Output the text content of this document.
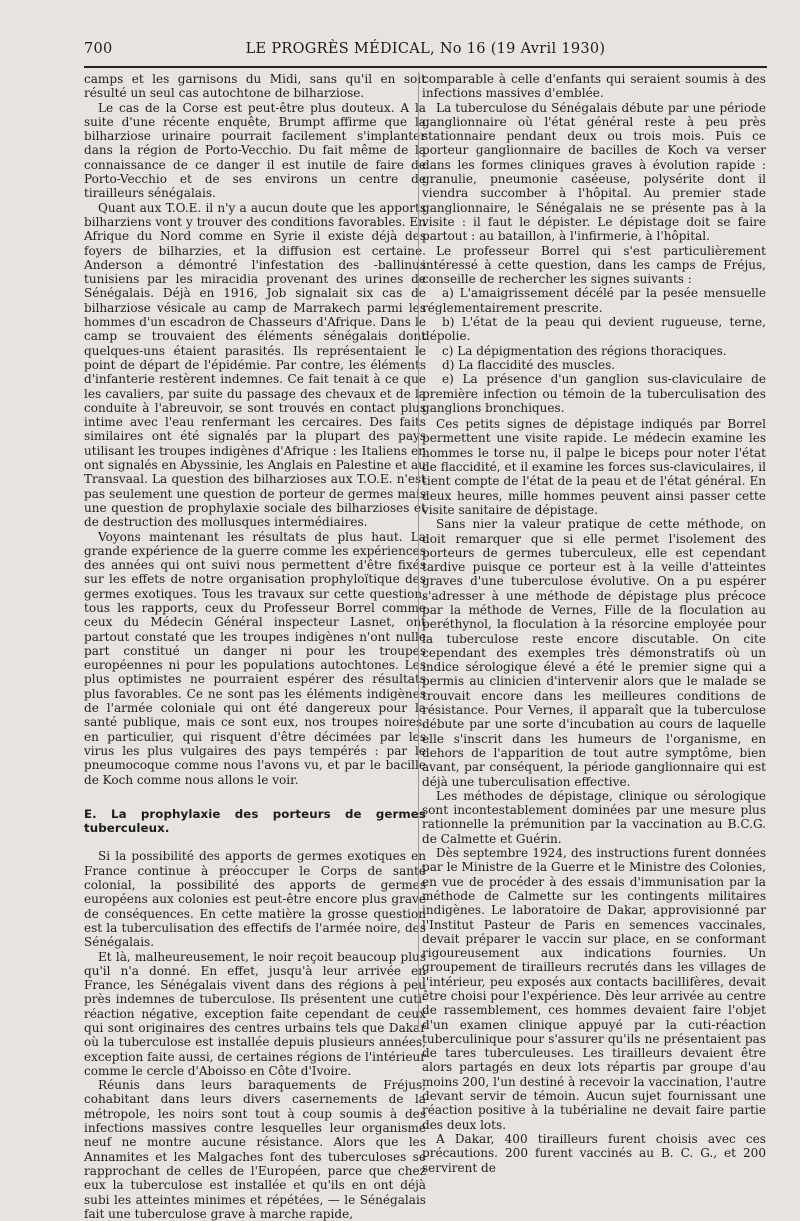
700	LE PROGRÈS MÉDICAL, No 16 (19 Avril 1930)

camps et les garnisons du Midi, sans qu'il en soit résulté un seul cas autochtone de bilharziose.

Le cas de la Corse est peut-être plus douteux. A la suite d'une récente enquête, Brumpt affirme que la bilharziose urinaire pourrait facilement s'implanter dans la région de Porto-Vecchio. Du fait même de la connaissance de ce danger il est inutile de faire de Porto-Vecchio et de ses environs un centre de tirailleurs sénégalais.

Quant aux T.O.E. il n'y a aucun doute que les apports bilharziens vont y trouver des conditions favorables. En Afrique du Nord comme en Syrie il existe déjà des foyers de bilharzies, et la diffusion est certaine. Anderson a démontré l'infestation des -ballinus tunisiens par les miracidia provenant des urines de Sénégalais. Déjà en 1916, Job signalait six cas de bilharziose vésicale au camp de Marrakech parmi les hommes d'un escadron de Chasseurs d'Afrique. Dans le camp se trouvaient des éléments sénégalais dont quelques-uns étaient parasités. Ils représentaient le point de départ de l'épidémie. Par contre, les éléments d'infanterie restèrent indemnes. Ce fait tenait à ce que les cavaliers, par suite du passage des chevaux et de la conduite à l'abreuvoir, se sont trouvés en contact plus intime avec l'eau renfermant les cercaires. Des faits similaires ont été signalés par la plupart des pays utilisant les troupes indigènes d'Afrique : les Italiens en ont signalés en Abyssinie, les Anglais en Palestine et au Transvaal. La question des bilharzioses aux T.O.E. n'est pas seulement une question de porteur de germes mais une question de prophylaxie sociale des bilharzioses et de destruction des mollusques intermédiaires.

Voyons maintenant les résultats de plus haut. La grande expérience de la guerre comme les expériences des années qui ont suivi nous permettent d'être fixés sur les effets de notre organisation prophyloïtique des germes exotiques. Tous les travaux sur cette question, tous les rapports, ceux du Professeur Borrel comme ceux du Médecin Général inspecteur Lasnet, ont partout constaté que les troupes indigènes n'ont nulle part constitué un danger ni pour les troupes européennes ni pour les populations autochtones. Les plus optimistes ne pourraient espérer des résultats plus favorables. Ce ne sont pas les éléments indigènes de l'armée coloniale qui ont été dangereux pour la santé publique, mais ce sont eux, nos troupes noires, en particulier, qui risquent d'être décimées par les virus les plus vulgaires des pays tempérés : par le pneumocoque comme nous l'avons vu, et par le bacille de Koch comme nous allons le voir.

E. La prophylaxie des porteurs de germes tuberculeux.

Si la possibilité des apports de germes exotiques en France continue à préoccuper le Corps de santé colonial, la possibilité des apports de germes européens aux colonies est peut-être encore plus grave de conséquences. En cette matière la grosse question est la tuberculisation des effectifs de l'armée noire, des Sénégalais.

Et là, malheureusement, le noir reçoit beaucoup plus qu'il n'a donné. En effet, jusqu'à leur arrivée en France, les Sénégalais vivent dans des régions à peu près indemnes de tuberculose. Ils présentent une cuti-réaction négative, exception faite cependant de ceux qui sont originaires des centres urbains tels que Dakar où la tuberculose est installée depuis plusieurs années, exception faite aussi, de certaines régions de l'intérieur comme le cercle d'Aboisso en Côte d'Ivoire.

Réunis dans leurs baraquements de Fréjus, cohabitant dans leurs divers casernements de la métropole, les noirs sont tout à coup soumis à des infections massives contre lesquelles leur organisme neuf ne montre aucune résistance. Alors que les Annamites et les Malgaches font des tuberculoses se rapprochant de celles de l'Européen, parce que chez eux la tuberculose est installée et qu'ils en ont déjà subi les atteintes minimes et répétées, — le Sénégalais fait une tuberculose grave à marche rapide,

comparable à celle d'enfants qui seraient soumis à des infections massives d'emblée.

La tuberculose du Sénégalais débute par une période ganglionnaire où l'état général reste à peu près stationnaire pendant deux ou trois mois. Puis ce porteur ganglionnaire de bacilles de Koch va verser dans les formes cliniques graves à évolution rapide : granulie, pneumonie caséeuse, polysérite dont il viendra succomber à l'hôpital. Au premier stade ganglionnaire, le Sénégalais ne se présente pas à la visite : il faut le dépister. Le dépistage doit se faire partout : au bataillon, à l'infirmerie, à l'hôpital.

Le professeur Borrel qui s'est particulièrement intéressé à cette question, dans les camps de Fréjus, conseille de rechercher les signes suivants :

a) L'amaigrissement décélé par la pesée mensuelle réglementairement prescrite.

b) L'état de la peau qui devient rugueuse, terne, dépolie.

c) La dépigmentation des régions thoraciques.

d) La flaccidité des muscles.

e) La présence d'un ganglion sus-claviculaire de première infection ou témoin de la tuberculisation des ganglions bronchiques.

Ces petits signes de dépistage indiqués par Borrel permettent une visite rapide. Le médecin examine les hommes le torse nu, il palpe le biceps pour noter l'état de flaccidité, et il examine les forces sus-claviculaires, il tient compte de l'état de la peau et de l'état général. En deux heures, mille hommes peuvent ainsi passer cette visite sanitaire de dépistage.

Sans nier la valeur pratique de cette méthode, on doit remarquer que si elle permet l'isolement des porteurs de germes tuberculeux, elle est cependant tardive puisque ce porteur est à la veille d'atteintes graves d'une tuberculose évolutive. On a pu espérer s'adresser à une méthode de dépistage plus précoce par la méthode de Vernes, Fille de la floculation au peréthynol, la floculation à la résorcine employée pour la tuberculose reste encore discutable. On cite cependant des exemples très démonstratifs où un indice sérologique élevé a été le premier signe qui a permis au clinicien d'intervenir alors que le malade se trouvait encore dans les meilleures conditions de résistance. Pour Vernes, il apparaît que la tuberculose débute par une sorte d'incubation au cours de laquelle elle s'inscrit dans les humeurs de l'organisme, en dehors de l'apparition de tout autre symptôme, bien avant, par conséquent, la période ganglionnaire qui est déjà une tuberculisation effective.

Les méthodes de dépistage, clinique ou sérologique sont incontestablement dominées par une mesure plus rationnelle la prémunition par la vaccination au B.C.G. de Calmette et Guérin.

Dès septembre 1924, des instructions furent données par le Ministre de la Guerre et le Ministre des Colonies, en vue de procéder à des essais d'immunisation par la méthode de Calmette sur les contingents militaires indigènes. Le laboratoire de Dakar, approvisionné par l'Institut Pasteur de Paris en semences vaccinales, devait préparer le vaccin sur place, en se conformant rigoureusement aux indications fournies. Un groupement de tirailleurs recrutés dans les villages de l'intérieur, peu exposés aux contacts bacillifères, devait être choisi pour l'expérience. Dès leur arrivée au centre de rassemblement, ces hommes devaient faire l'objet d'un examen clinique appuyé par la cuti-réaction tuberculinique pour s'assurer qu'ils ne présentaient pas de tares tuberculeuses. Les tirailleurs devaient être alors partagés en deux lots répartis par groupe d'au moins 200, l'un destiné à recevoir la vaccination, l'autre devant servir de témoin. Aucun sujet fournissant une réaction positive à la tubérialine ne devait faire partie des deux lots.

A Dakar, 400 tirailleurs furent choisis avec ces précautions. 200 furent vaccinés au B. C. G., et 200 servirent de
